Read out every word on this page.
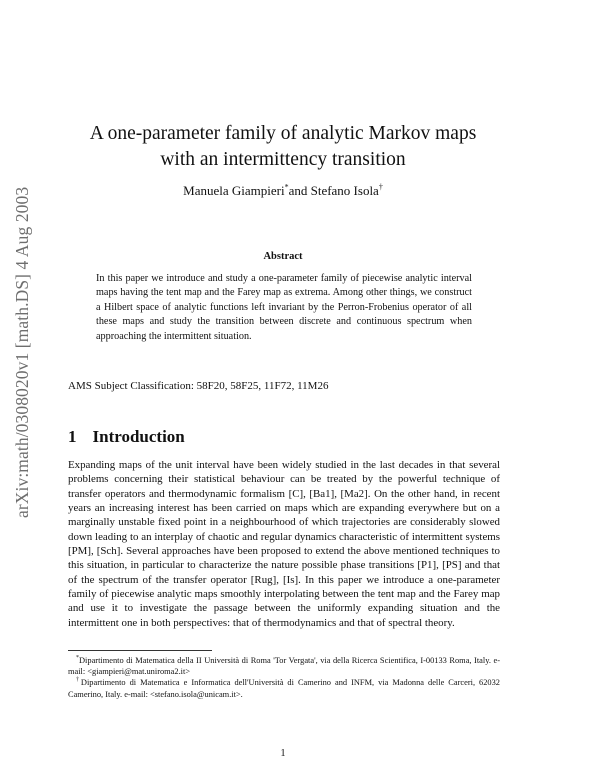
arXiv:math/0308020v1 [math.DS] 4 Aug 2003
A one-parameter family of analytic Markov maps
with an intermittency transition
Manuela Giampieri*and Stefano Isola†
Abstract
In this paper we introduce and study a one-parameter family of piecewise analytic interval maps having the tent map and the Farey map as extrema. Among other things, we construct a Hilbert space of analytic functions left invariant by the Perron-Frobenius operator of all these maps and study the transition between discrete and continuous spectrum when approaching the intermittent situation.
AMS Subject Classification: 58F20, 58F25, 11F72, 11M26
1 Introduction
Expanding maps of the unit interval have been widely studied in the last decades in that several problems concerning their statistical behaviour can be treated by the powerful technique of transfer operators and thermodynamic formalism [C], [Ba1], [Ma2]. On the other hand, in recent years an increasing interest has been carried on maps which are expanding everywhere but on a marginally unstable fixed point in a neighbourhood of which trajectories are considerably slowed down leading to an interplay of chaotic and regular dynamics characteristic of intermittent systems [PM], [Sch]. Several approaches have been proposed to extend the above mentioned techniques to this situation, in particular to characterize the nature possible phase transitions [P1], [PS] and that of the spectrum of the transfer operator [Rug], [Is]. In this paper we introduce a one-parameter family of piecewise analytic maps smoothly interpolating between the tent map and the Farey map and use it to investigate the passage between the uniformly expanding situation and the intermittent one in both perspectives: that of thermodynamics and that of spectral theory.
*Dipartimento di Matematica della II Università di Roma 'Tor Vergata', via della Ricerca Scientifica, I-00133 Roma, Italy. e-mail: <giampieri@mat.uniroma2.it>
†Dipartimento di Matematica e Informatica dell'Università di Camerino and INFM, via Madonna delle Carceri, 62032 Camerino, Italy. e-mail: <stefano.isola@unicam.it>.
1
